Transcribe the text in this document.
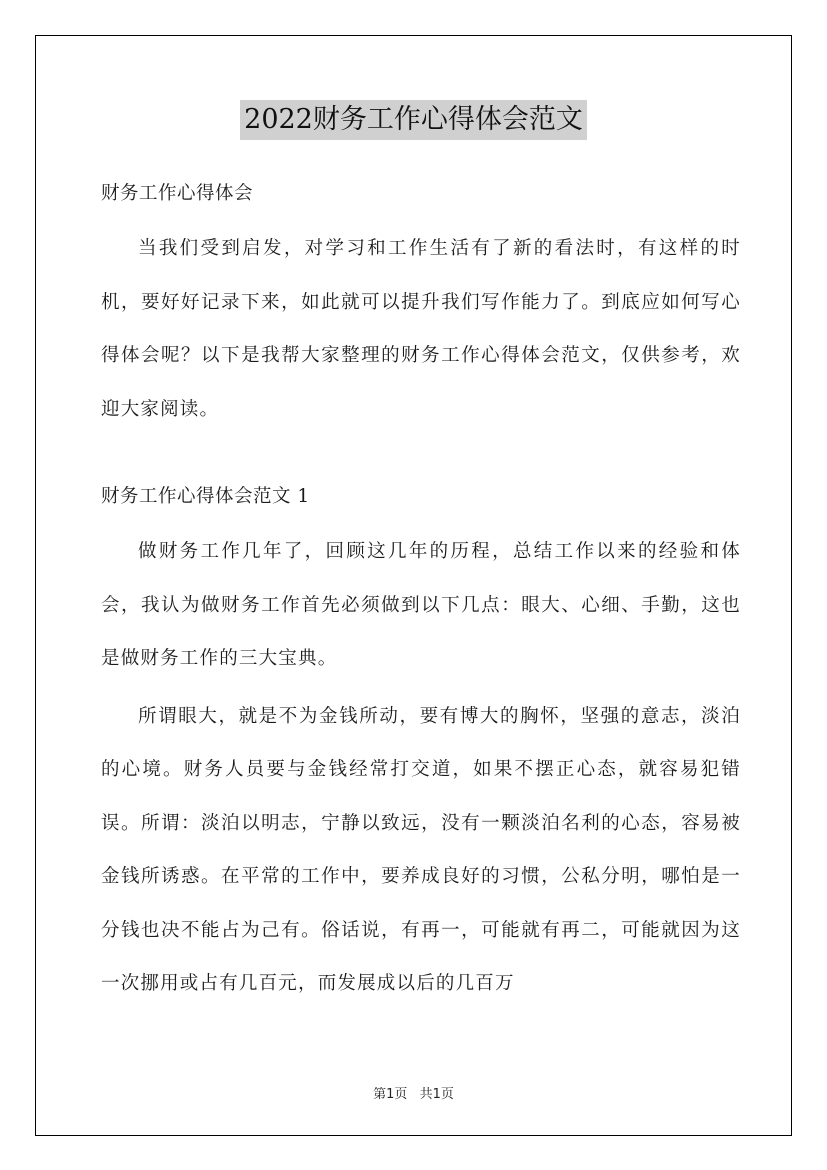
2022财务工作心得体会范文

财务工作心得体会

当我们受到启发，对学习和工作生活有了新的看法时，有这样的时机，要好好记录下来，如此就可以提升我们写作能力了。到底应如何写心得体会呢？以下是我帮大家整理的财务工作心得体会范文，仅供参考，欢迎大家阅读。

财务工作心得体会范文 1

做财务工作几年了，回顾这几年的历程，总结工作以来的经验和体会，我认为做财务工作首先必须做到以下几点：眼大、心细、手勤，这也是做财务工作的三大宝典。

所谓眼大，就是不为金钱所动，要有博大的胸怀，坚强的意志，淡泊的心境。财务人员要与金钱经常打交道，如果不摆正心态，就容易犯错误。所谓：淡泊以明志，宁静以致远，没有一颗淡泊名利的心态，容易被金钱所诱惑。在平常的工作中，要养成良好的习惯，公私分明，哪怕是一分钱也决不能占为己有。俗话说，有再一，可能就有再二，可能就因为这一次挪用或占有几百元，而发展成以后的几百万

第1页 共1页
